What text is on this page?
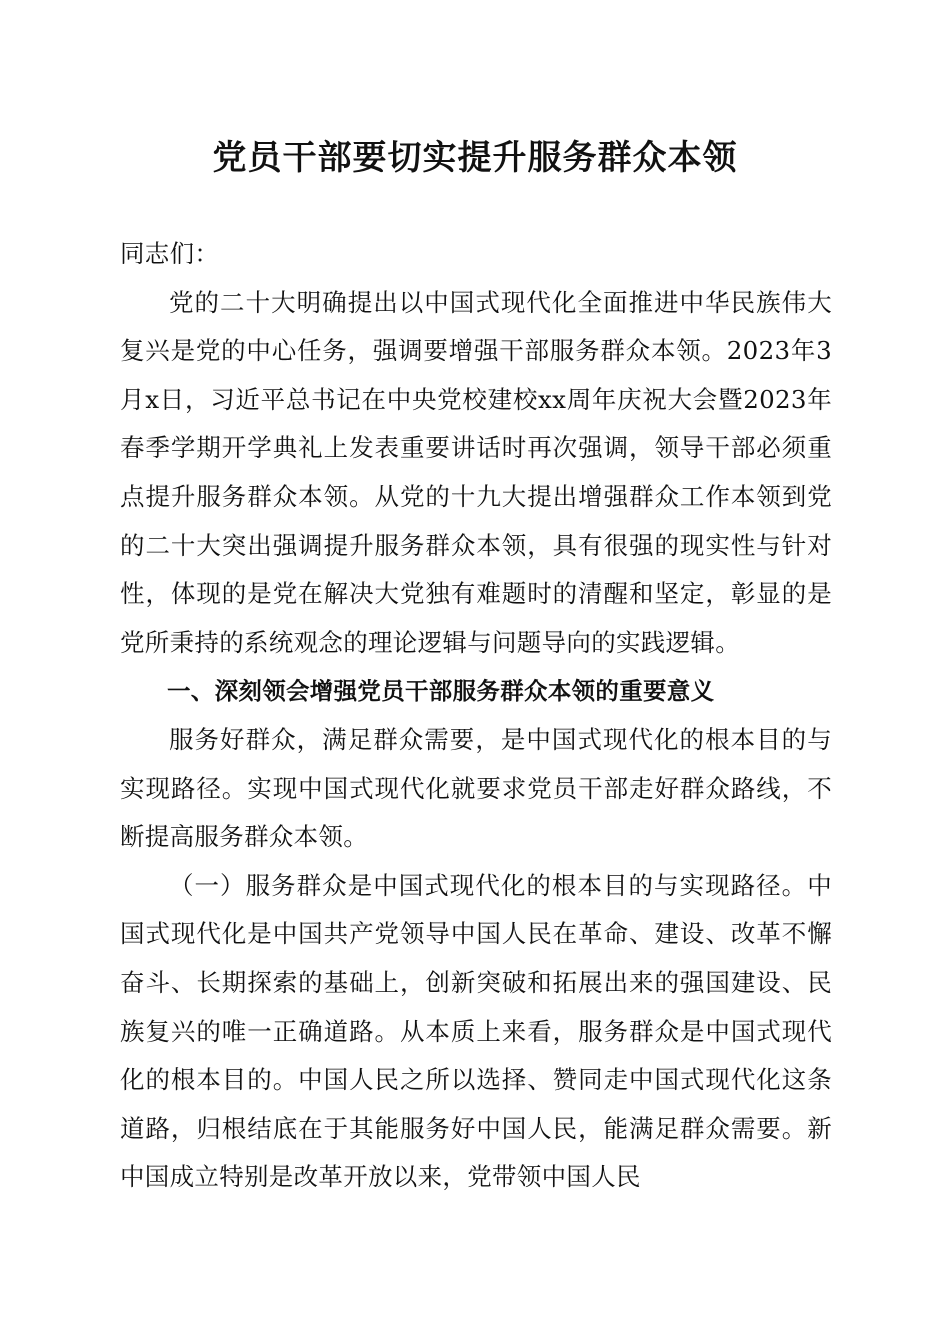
党员干部要切实提升服务群众本领

同志们：

党的二十大明确提出以中国式现代化全面推进中华民族伟大复兴是党的中心任务，强调要增强干部服务群众本领。2023年3月x日，习近平总书记在中央党校建校xx周年庆祝大会暨2023年春季学期开学典礼上发表重要讲话时再次强调，领导干部必须重点提升服务群众本领。从党的十九大提出增强群众工作本领到党的二十大突出强调提升服务群众本领，具有很强的现实性与针对性，体现的是党在解决大党独有难题时的清醒和坚定，彰显的是党所秉持的系统观念的理论逻辑与问题导向的实践逻辑。

一、深刻领会增强党员干部服务群众本领的重要意义

服务好群众，满足群众需要，是中国式现代化的根本目的与实现路径。实现中国式现代化就要求党员干部走好群众路线，不断提高服务群众本领。

（一）服务群众是中国式现代化的根本目的与实现路径。中国式现代化是中国共产党领导中国人民在革命、建设、改革不懈奋斗、长期探索的基础上，创新突破和拓展出来的强国建设、民族复兴的唯一正确道路。从本质上来看，服务群众是中国式现代化的根本目的。中国人民之所以选择、赞同走中国式现代化这条道路，归根结底在于其能服务好中国人民，能满足群众需要。新中国成立特别是改革开放以来，党带领中国人民
